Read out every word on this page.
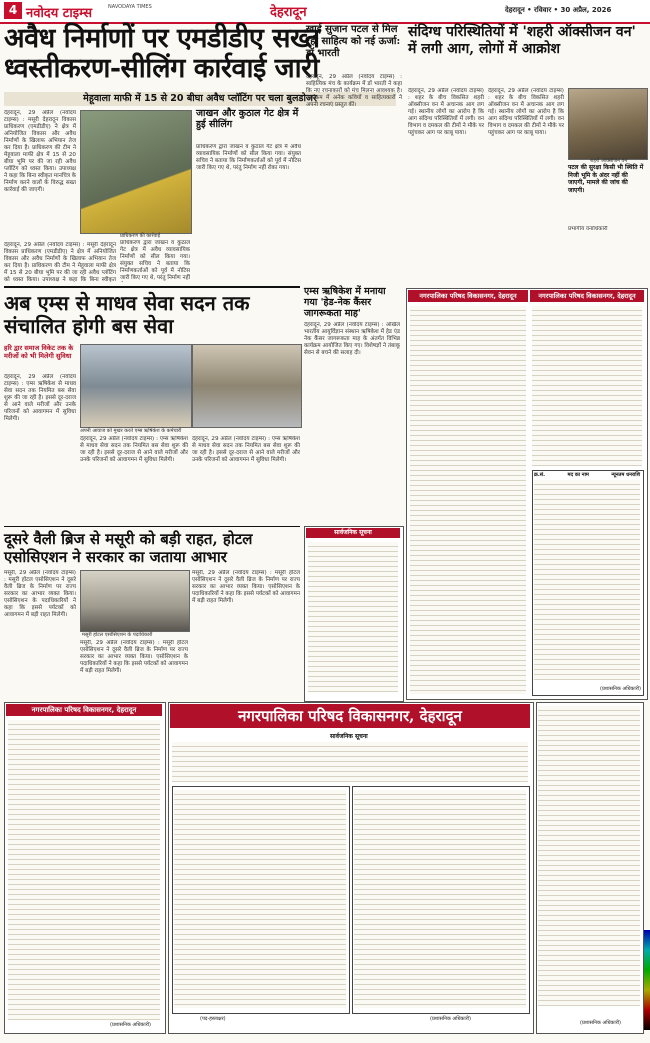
4 नवोदय टाइम्स	NAVODAYA TIMES	देहरादून	देहरादून • रविवार • 30 अप्रैल, 2026
अवैध निर्माणों पर एमडीडीए सख्त ध्वस्तीकरण-सीलिंग कार्रवाई जारी
मेहूवाला माफी में 15 से 20 बीघा अवैध प्लॉटिंग पर चला बुलडोजर
देहरादून, 29 अप्रैल (नवोदय टाइम्स) : मसूरी देहरादून विकास प्राधिकरण (एमडीडीए) ने क्षेत्र में अनियोजित विकास और अवैध निर्माणों के खिलाफ अभियान तेज कर दिया है। प्राधिकरण की टीम ने मेहूवाला माफी क्षेत्र में 15 से 20 बीघा भूमि पर की जा रही अवैध प्लॉटिंग को ध्वस्त किया। उपाध्यक्ष ने कहा कि बिना स्वीकृत मानचित्र के निर्माण करने वालों के विरुद्ध सख्त कार्रवाई की जाएगी।
प्राधिकरण की कार्रवाई
प्राधिकरण द्वारा जाखन व कुठाल गेट क्षेत्र में अवैध व्यावसायिक निर्माणों को सील किया गया। संयुक्त सचिव ने बताया कि निर्माणकर्ताओं को पूर्व में नोटिस जारी किए गए थे, परंतु निर्माण नहीं
जाखन और कुठाल गेट क्षेत्र में हुई सीलिंग
प्राधिकरण द्वारा जाखन व कुठाल गेट क्षेत्र में अवैध व्यावसायिक निर्माणों को सील किया गया। संयुक्त सचिव ने बताया कि निर्माणकर्ताओं को पूर्व में नोटिस जारी किए गए थे, परंतु निर्माण नहीं रोका गया।
देहरादून, 29 अप्रैल (नवोदय टाइम्स) : मसूरी देहरादून विकास प्राधिकरण (एमडीडीए) ने क्षेत्र में अनियोजित विकास और अवैध निर्माणों के खिलाफ अभियान तेज कर दिया है। प्राधिकरण की टीम ने मेहूवाला माफी क्षेत्र में 15 से 20 बीघा भूमि पर की जा रही अवैध प्लॉटिंग को ध्वस्त किया। उपाध्यक्ष ने कहा कि बिना स्वीकृत
खाई सुजान पटल से मिल रही साहित्य को नई ऊर्जा: डॉ भारती
देहरादून, 29 अप्रैल (नवोदय टाइम्स) : साहित्यिक मंच के कार्यक्रम में डॉ भारती ने कहा कि नए रचनाकारों को मंच मिलना आवश्यक है। कार्यक्रम में अनेक कवियों व साहित्यकारों ने अपनी रचनाएं प्रस्तुत कीं।
संदिग्ध परिस्थितियों में 'शहरी ऑक्सीजन वन' में लगी आग, लोगों में आक्रोश
देहरादून, 29 अप्रैल (नवोदय टाइम्स) : शहर के बीच विकसित शहरी ऑक्सीजन वन में अचानक आग लग गई। स्थानीय लोगों का आरोप है कि आग संदिग्ध परिस्थितियों में लगी। वन विभाग व दमकल की टीमों ने मौके पर पहुंचकर आग पर काबू पाया।
देहरादून, 29 अप्रैल (नवोदय टाइम्स) : शहर के बीच विकसित शहरी ऑक्सीजन वन में अचानक आग लग गई। स्थानीय लोगों का आरोप है कि आग संदिग्ध परिस्थितियों में लगी। वन विभाग व दमकल की टीमों ने मौके पर पहुंचकर आग पर काबू पाया।
शहरी ऑक्सीजन वन
पटल की सुरक्षा किसी भी स्थिति में निजी भूमि के अंदर नहीं की जाएगी, मामले की जांच की जाएगी।
प्रभागीय वनाधिकारी
अब एम्स से माधव सेवा सदन तक संचालित होगी बस सेवा
हरि द्वार समाज विकेट तक के मरीजों को भी मिलेगी सुविधा
देहरादून, 29 अप्रैल (नवोदय टाइम्स) : एम्स ऋषिकेश से माधव सेवा सदन तक नियमित बस सेवा शुरू की जा रही है। इससे दूर-दराज से आने वाले मरीजों और उनके परिजनों को आवागमन में सुविधा मिलेगी।
अपनी आवाज को मुखर करते एम्स ऋषिकेश के कर्मचारी
देहरादून, 29 अप्रैल (नवोदय टाइम्स) : एम्स ऋषिकेश से माधव सेवा सदन तक नियमित बस सेवा शुरू की जा रही है। इससे दूर-दराज से आने वाले मरीजों और उनके परिजनों को आवागमन में सुविधा मिलेगी।
देहरादून, 29 अप्रैल (नवोदय टाइम्स) : एम्स ऋषिकेश से माधव सेवा सदन तक नियमित बस सेवा शुरू की जा रही है। इससे दूर-दराज से आने वाले मरीजों और उनके परिजनों को आवागमन में सुविधा मिलेगी।
एम्स ऋषिकेश में मनाया गया 'हेड-नेक कैंसर जागरूकता माह'
देहरादून, 29 अप्रैल (नवोदय टाइम्स) : अखिल भारतीय आयुर्विज्ञान संस्थान ऋषिकेश में हेड एंड नेक कैंसर जागरूकता माह के अंतर्गत विभिन्न कार्यक्रम आयोजित किए गए। विशेषज्ञों ने तंबाकू सेवन से बचने की सलाह दी।
दूसरे वैली ब्रिज से मसूरी को बड़ी राहत, होटल एसोसिएशन ने सरकार का जताया आभार
मसूरी, 29 अप्रैल (नवोदय टाइम्स) : मसूरी होटल एसोसिएशन ने दूसरे वैली ब्रिज के निर्माण पर राज्य सरकार का आभार व्यक्त किया। एसोसिएशन के पदाधिकारियों ने कहा कि इससे पर्यटकों को आवागमन में बड़ी राहत मिलेगी।
मसूरी होटल एसोसिएशन के पदाधिकारी
मसूरी, 29 अप्रैल (नवोदय टाइम्स) : मसूरी होटल एसोसिएशन ने दूसरे वैली ब्रिज के निर्माण पर राज्य सरकार का आभार व्यक्त किया। एसोसिएशन के पदाधिकारियों ने कहा कि इससे पर्यटकों को आवागमन में बड़ी राहत मिलेगी।
मसूरी, 29 अप्रैल (नवोदय टाइम्स) : मसूरी होटल एसोसिएशन ने दूसरे वैली ब्रिज के निर्माण पर राज्य सरकार का आभार व्यक्त किया। एसोसिएशन के पदाधिकारियों ने कहा कि इससे पर्यटकों को आवागमन में बड़ी राहत मिलेगी।
सार्वजनिक सूचना
नगरपालिका परिषद विकासनगर, देहरादून	नगरपालिका परिषद विकासनगर, देहरादून
क्र.सं.	मद का नाम	न्यूनतम धनराशि
(प्रशासनिक अधिकारी)
नगरपालिका परिषद विकासनगर, देहरादून
(प्रशासनिक अधिकारी)
नगरपालिका परिषद विकासनगर, देहरादून
सार्वजनिक सूचना
(पद-हस्ताक्षर)	(प्रशासनिक अधिकारी)
(प्रशासनिक अधिकारी)
